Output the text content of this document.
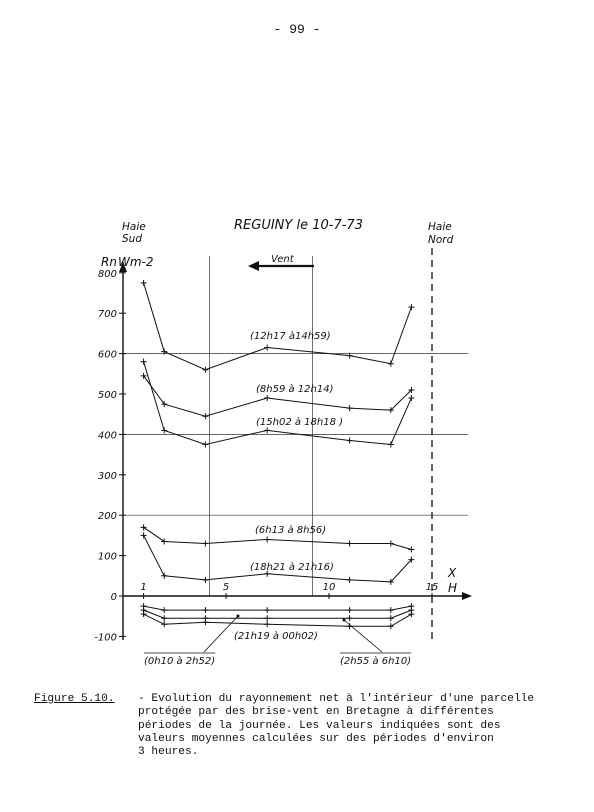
- 99 -
800
700
600
500
400
300
200
100
0
-100
1	5	10	15
REGUINY le 10-7-73
Haie
Sud
Haie
Nord
Rn Wm-2	Vent
X
H
(12h17 à14h59)
(8h59 à 12h14)
(15h02 à 18h18 )
(6h13 à 8h56)
(18h21 à 21h16)
(21h19 à 00h02)
(0h10 à 2h52)	(2h55 à 6h10)
Figure 5.10. - Evolution du rayonnement net à l'intérieur d'une parcelle
protégée par des brise-vent en Bretagne à différentes
périodes de la journée. Les valeurs indiquées sont des
valeurs moyennes calculées sur des périodes d'environ
3 heures.
